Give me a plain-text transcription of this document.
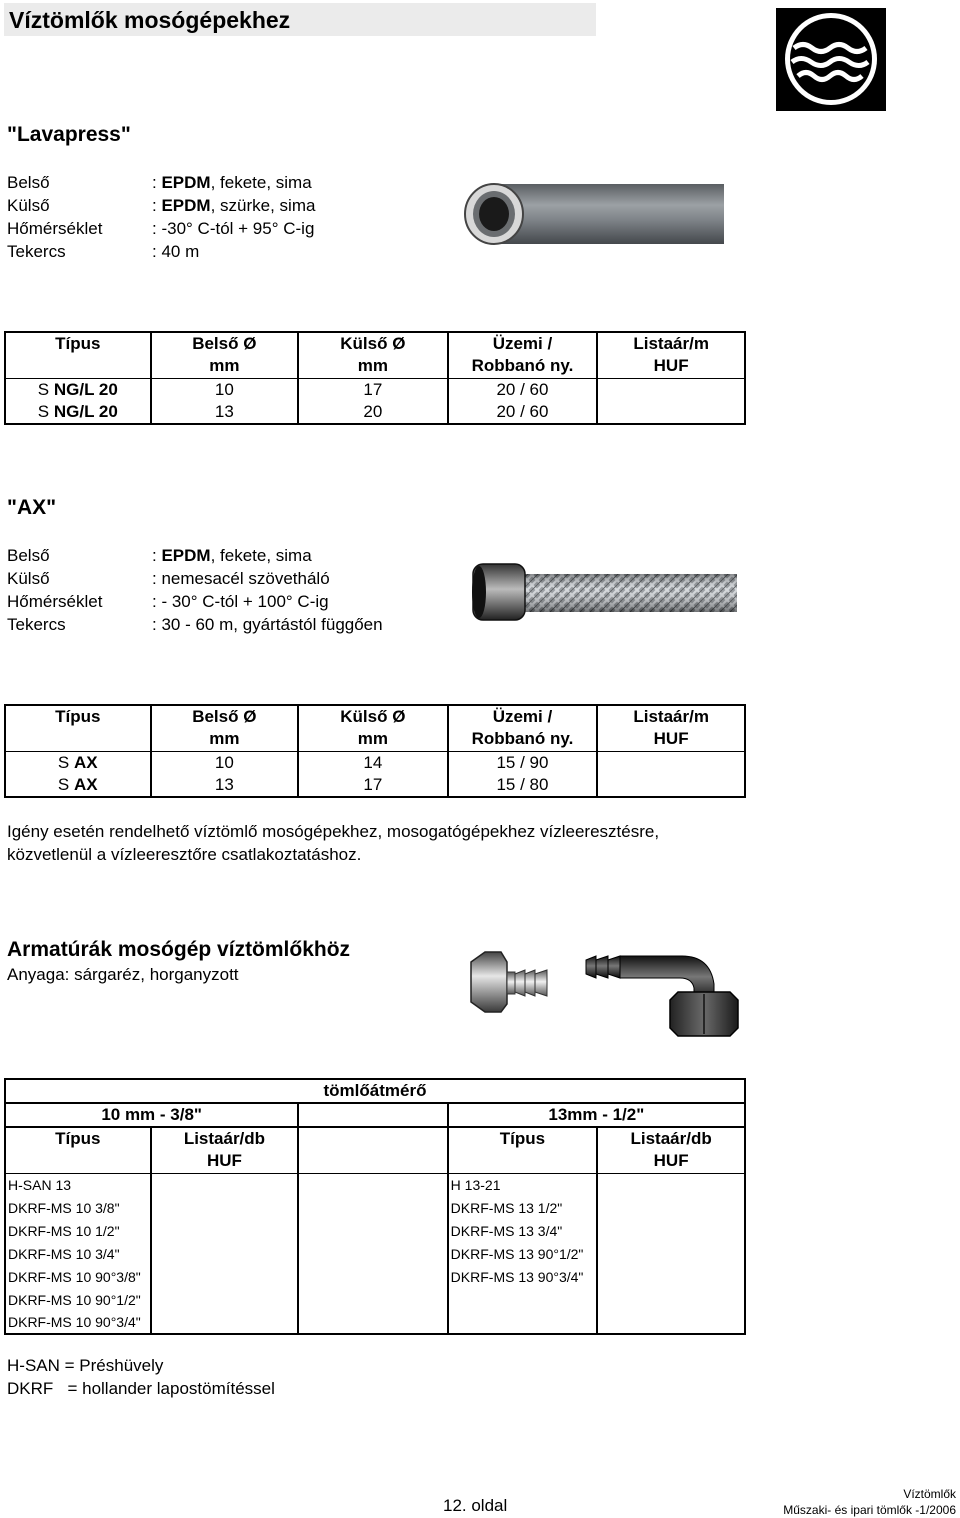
Víztömlők mosógépekhez
"Lavapress"
Belső	: EPDM, fekete, sima
Külső	: EPDM, szürke, sima
Hőmérséklet	: -30° C-tól + 95° C-ig
Tekercs	: 40 m
Típus	Belső Ø	Külső Ø	Üzemi /	Listaár/m
	mm	mm	Robbanó ny.	HUF
S NG/L 20	10	17	20 / 60	
S NG/L 20	13	20	20 / 60	
"AX"
Belső	: EPDM, fekete, sima
Külső	: nemesacél szövetháló
Hőmérséklet	: - 30° C-tól + 100° C-ig
Tekercs	: 30 - 60 m, gyártástól függően
Típus	Belső Ø	Külső Ø	Üzemi /	Listaár/m
	mm	mm	Robbanó ny.	HUF
S AX	10	14	15 / 90	
S AX	13	17	15 / 80	
Igény esetén rendelhető víztömlő mosógépekhez, mosogatógépekhez vízleeresztésre,
közvetlenül a vízleeresztőre csatlakoztatáshoz.
Armatúrák mosógép víztömlőkhöz
Anyaga: sárgaréz, horganyzott
tömlőátmérő				
10 mm - 3/8"			13mm - 1/2"	
Típus	Listaár/db		Típus	Listaár/db
	HUF			HUF
H-SAN 13			H 13-21	
DKRF-MS 10 3/8"			DKRF-MS 13 1/2"	
DKRF-MS 10 1/2"			DKRF-MS 13 3/4"	
DKRF-MS 10 3/4"			DKRF-MS 13 90°1/2"	
DKRF-MS 10 90°3/8"			DKRF-MS 13 90°3/4"	
DKRF-MS 10 90°1/2"				
DKRF-MS 10 90°3/4"				
H-SAN = Préshüvely
DKRF   = hollander lapostömítéssel
12. oldal
Víztömlők
Műszaki- és ipari tömlők -1/2006
